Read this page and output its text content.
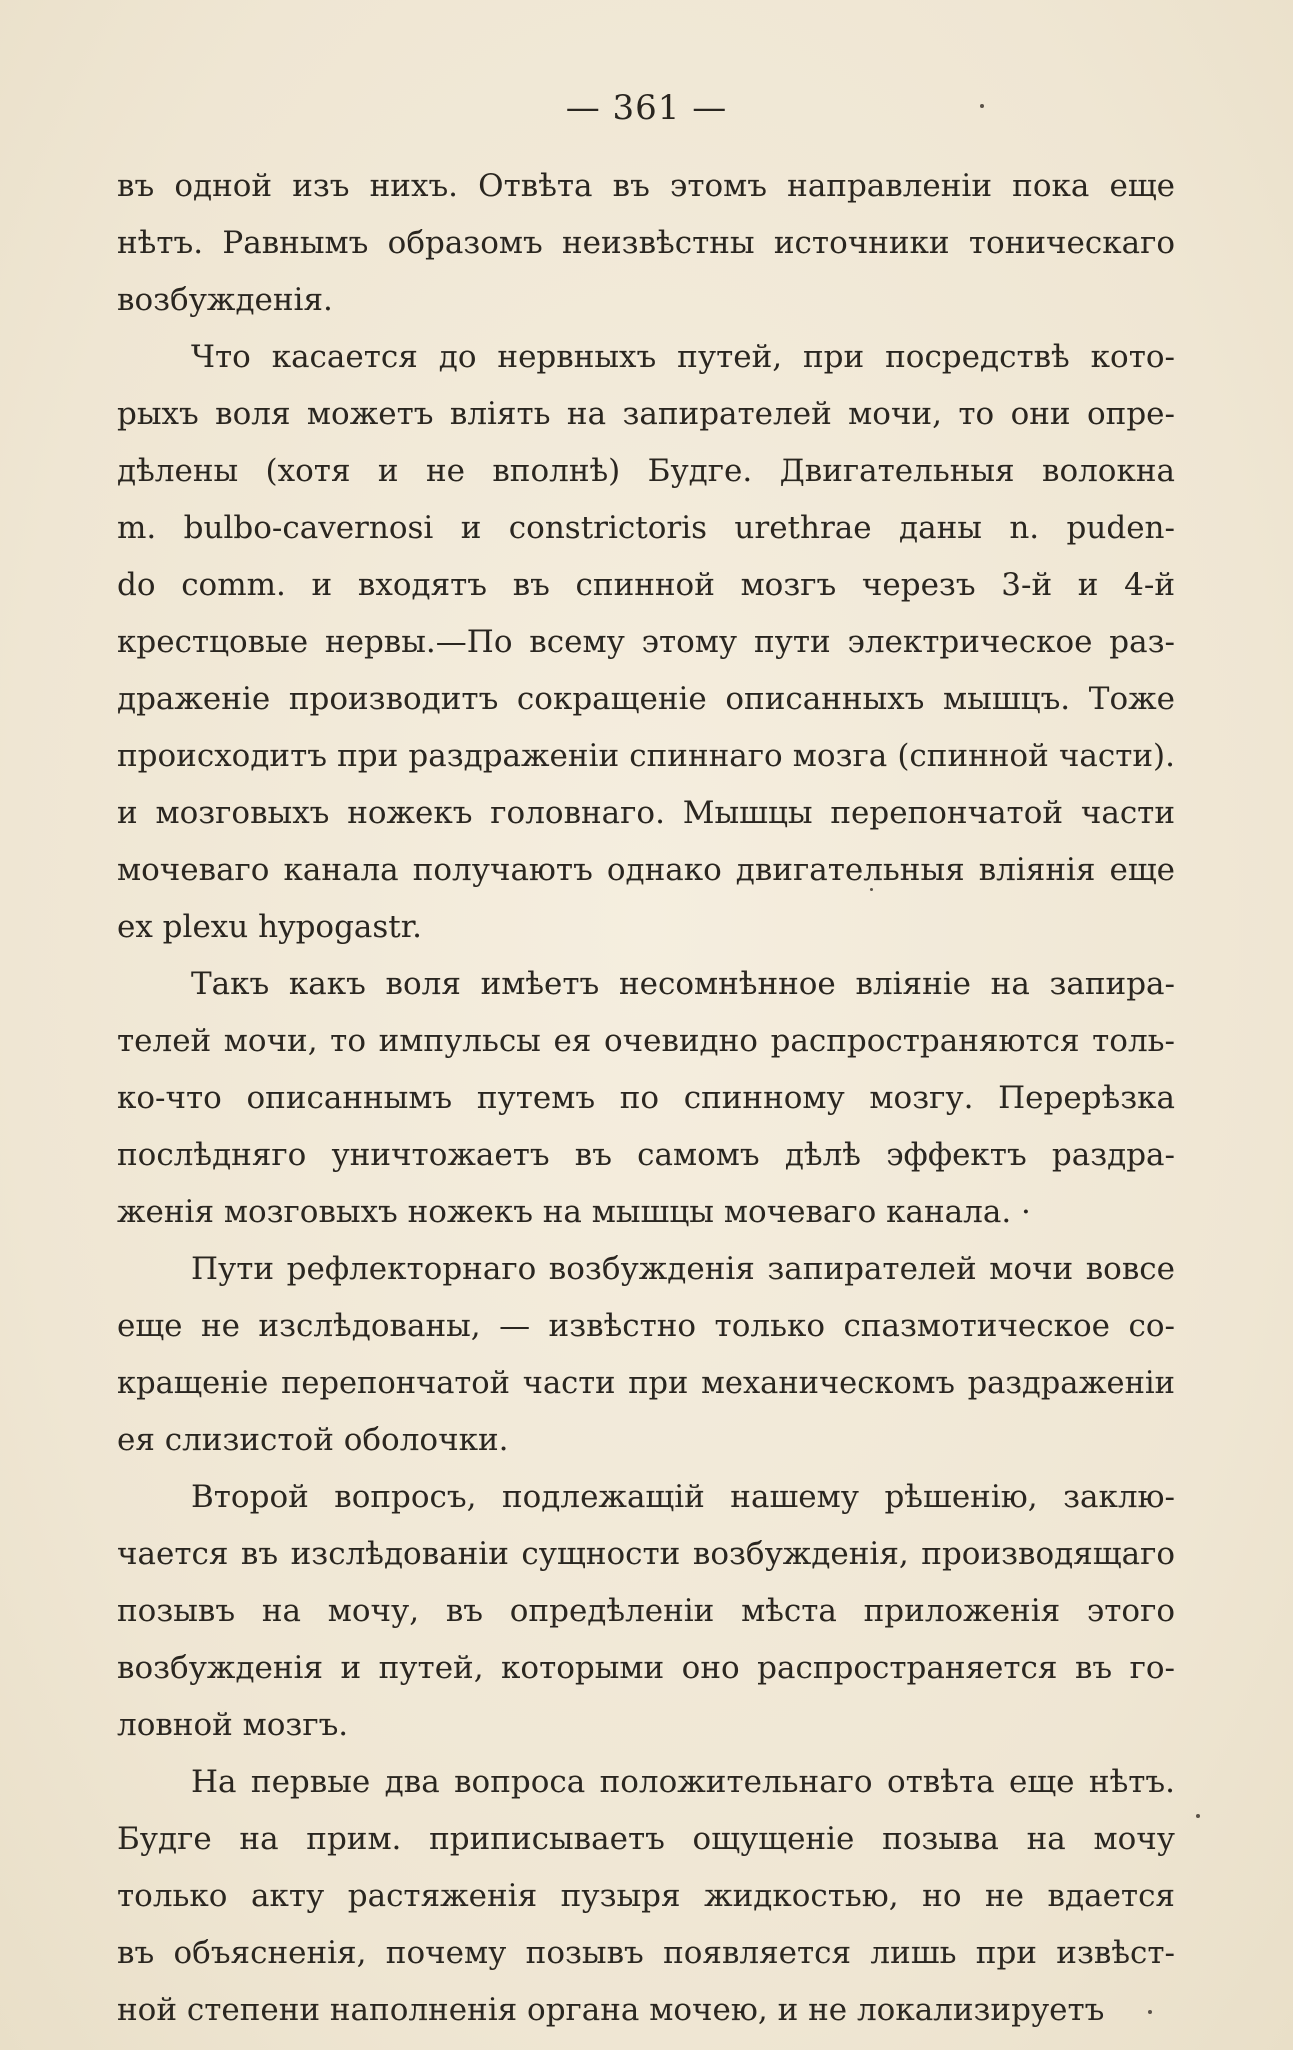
— 361 —
въ одной изъ нихъ. Отвѣта въ этомъ направленіи пока еще
нѣтъ. Равнымъ образомъ неизвѣстны источники тоническаго
возбужденія.
Что касается до нервныхъ путей, при посредствѣ кото-
рыхъ воля можетъ влiять на запирателей мочи, то они опре-
дѣлены (хотя и не вполнѣ) Будге. Двигательныя волокна
m. bulbo-cavernosi и constrictoris urethrae даны n. puden-
do comm. и входятъ въ спинной мозгъ черезъ 3-й и 4-й
крестцовые нервы.—По всему этому пути электрическое раз-
драженіе производитъ сокращеніе описанныхъ мышцъ. Тоже
происходитъ при раздраженіи спиннаго мозга (спинной части).
и мозговыхъ ножекъ головнаго. Мышцы перепончатой части
мочеваго канала получаютъ однако двигательныя влiянiя еще
ex plexu hypogastr.
Такъ какъ воля имѣетъ несомнѣнное влiянiе на запира-
телей мочи, то импульсы ея очевидно распространяются толь-
ко-что описаннымъ путемъ по спинному мозгу. Перерѣзка
послѣдняго уничтожаетъ въ самомъ дѣлѣ эффектъ раздра-
женія мозговыхъ ножекъ на мышцы мочеваго канала. ·
Пути рефлекторнаго возбужденія запирателей мочи вовсе
еще не изслѣдованы, — извѣстно только спазмотическое со-
кращеніе перепончатой части при механическомъ раздраженіи
ея слизистой оболочки.
Второй вопросъ, подлежащій нашему рѣшенію, заклю-
чается въ изслѣдованіи сущности возбужденія, производящаго
позывъ на мочу, въ опредѣленіи мѣста приложенія этого
возбужденія и путей, которыми оно распространяется въ го-
ловной мозгъ.
На первые два вопроса положительнаго отвѣта еще нѣтъ.
Будге на прим. приписываетъ ощущеніе позыва на мочу
только акту растяженія пузыря жидкостью, но не вдается
въ объясненія, почему позывъ появляется лишь при извѣст-
ной степени наполненія органа мочею, и не локализируетъ
